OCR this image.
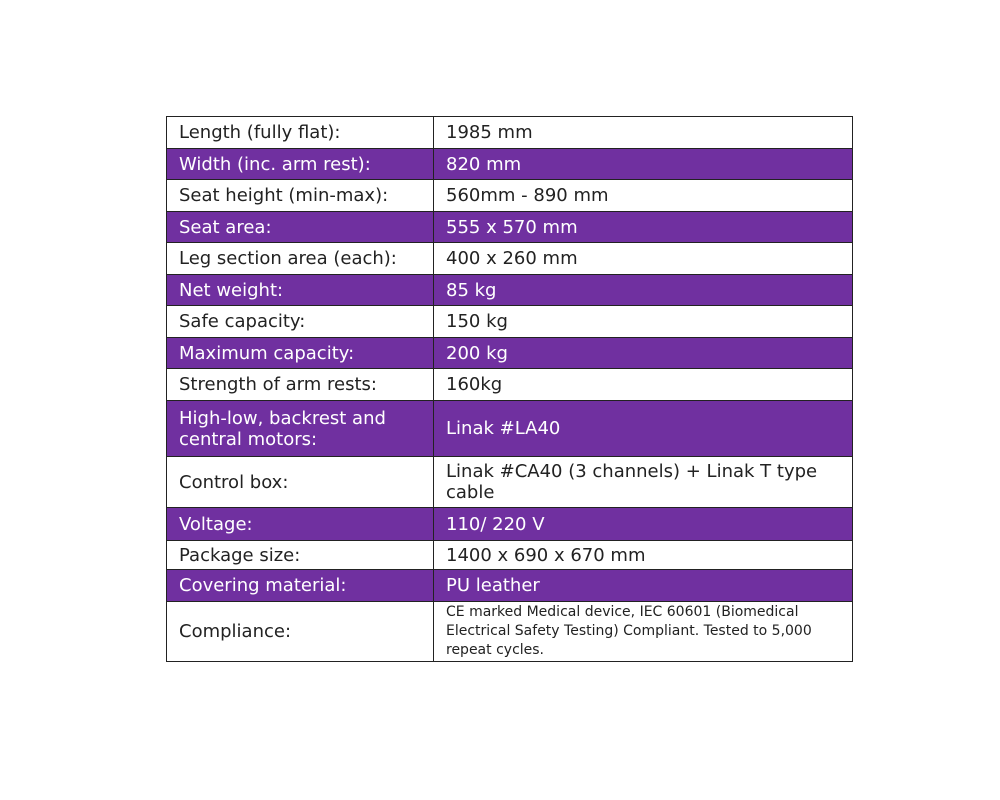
Length (fully flat):	1985 mm
Width (inc. arm rest):	820 mm
Seat height (min-max):	560mm - 890 mm
Seat area:	555 x 570 mm
Leg section area (each):	400 x 260 mm
Net weight:	85 kg
Safe capacity:	150 kg
Maximum capacity:	200 kg
Strength of arm rests:	160kg
High-low, backrest and central motors:	Linak #LA40
Control box:	Linak #CA40 (3 channels) + Linak T type cable
Voltage:	110/ 220 V
Package size:	1400 x 690 x 670 mm
Covering material:	PU leather
Compliance:	CE marked Medical device, IEC 60601 (Biomedical Electrical Safety Testing) Compliant. Tested to 5,000 repeat cycles.
